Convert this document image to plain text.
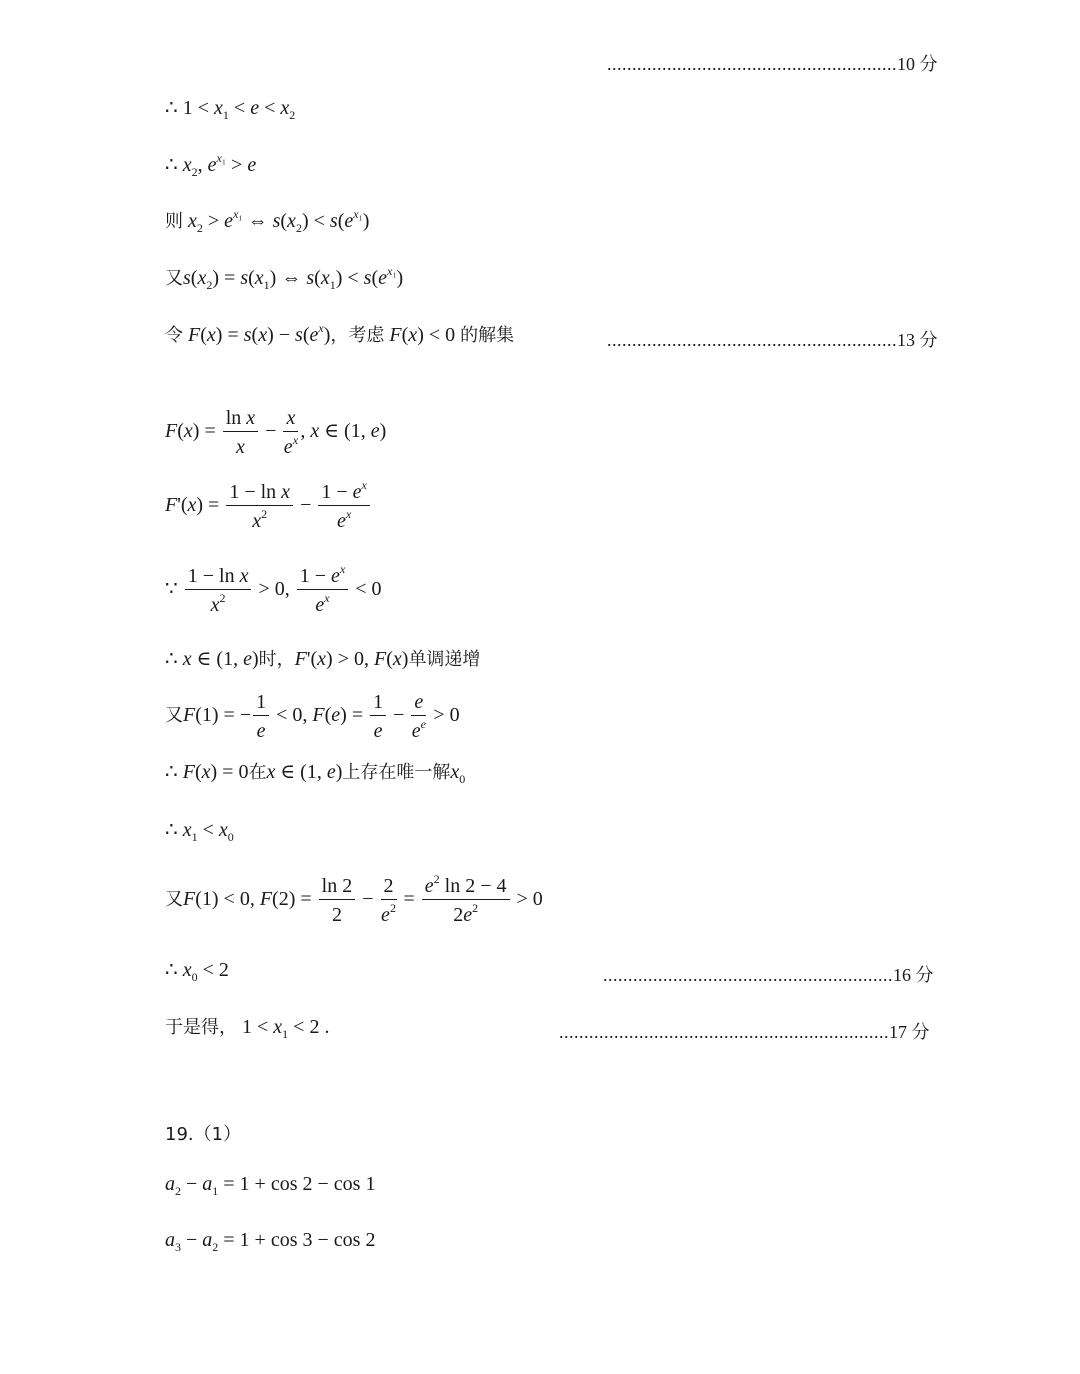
..........................................................10 分
..........................................................13 分
..........................................................16 分
..................................................................17 分
∴ $1 < x_1 < e < x_2$
∴ $x_2$, $e^{x_1} > e$
则 $x_2 > e^{x_1}$ ⇔ $s(x_2) < s(e^{x_1})$
又$s(x_2) = s(x_1)$ ⇔ $s(x_1) < s(e^{x_1})$
令 $F(x) = s(x) - s(e^x)$，考虑 F(x) < 0 的解集
$F(x) = \frac{\text{ln x}}{x} - \frac{x}{e^x}$ , x ∈ (1, e)
$F'(x) = \frac{\text{1 − ln x}}{x^2} - \frac{1 - e^x}{e^x}$
∵ $\frac{\text{1 − ln x}}{x^2} > 0$, $\frac{1 - e^x}{e^x} < 0$
∴ x ∈ (1, e)时，F'(x) > 0, F(x)单调递增
又F(1) = − $\frac{1}{e} < 0$, $F(e) = \frac{1}{e} - \frac{e}{e^e} > 0$
∴ F(x) = 0在x ∈ (1, e)上存在唯一解$x_0$
∴ $x_1 < x_0$
又F(1) < 0, $F(2) = \frac{\ln 2}{2} - \frac{2}{e^2} = \frac{e^2 \ln 2 - 4}{2e^2} > 0$
∴ $x_0 < 2$
于是得， $1 < x_1 < 2$ .
19.（1）
$a_2 - a_1 = 1 + \cos 2 - \cos 1$
$a_3 - a_2 = 1 + \cos 3 - \cos 2$
